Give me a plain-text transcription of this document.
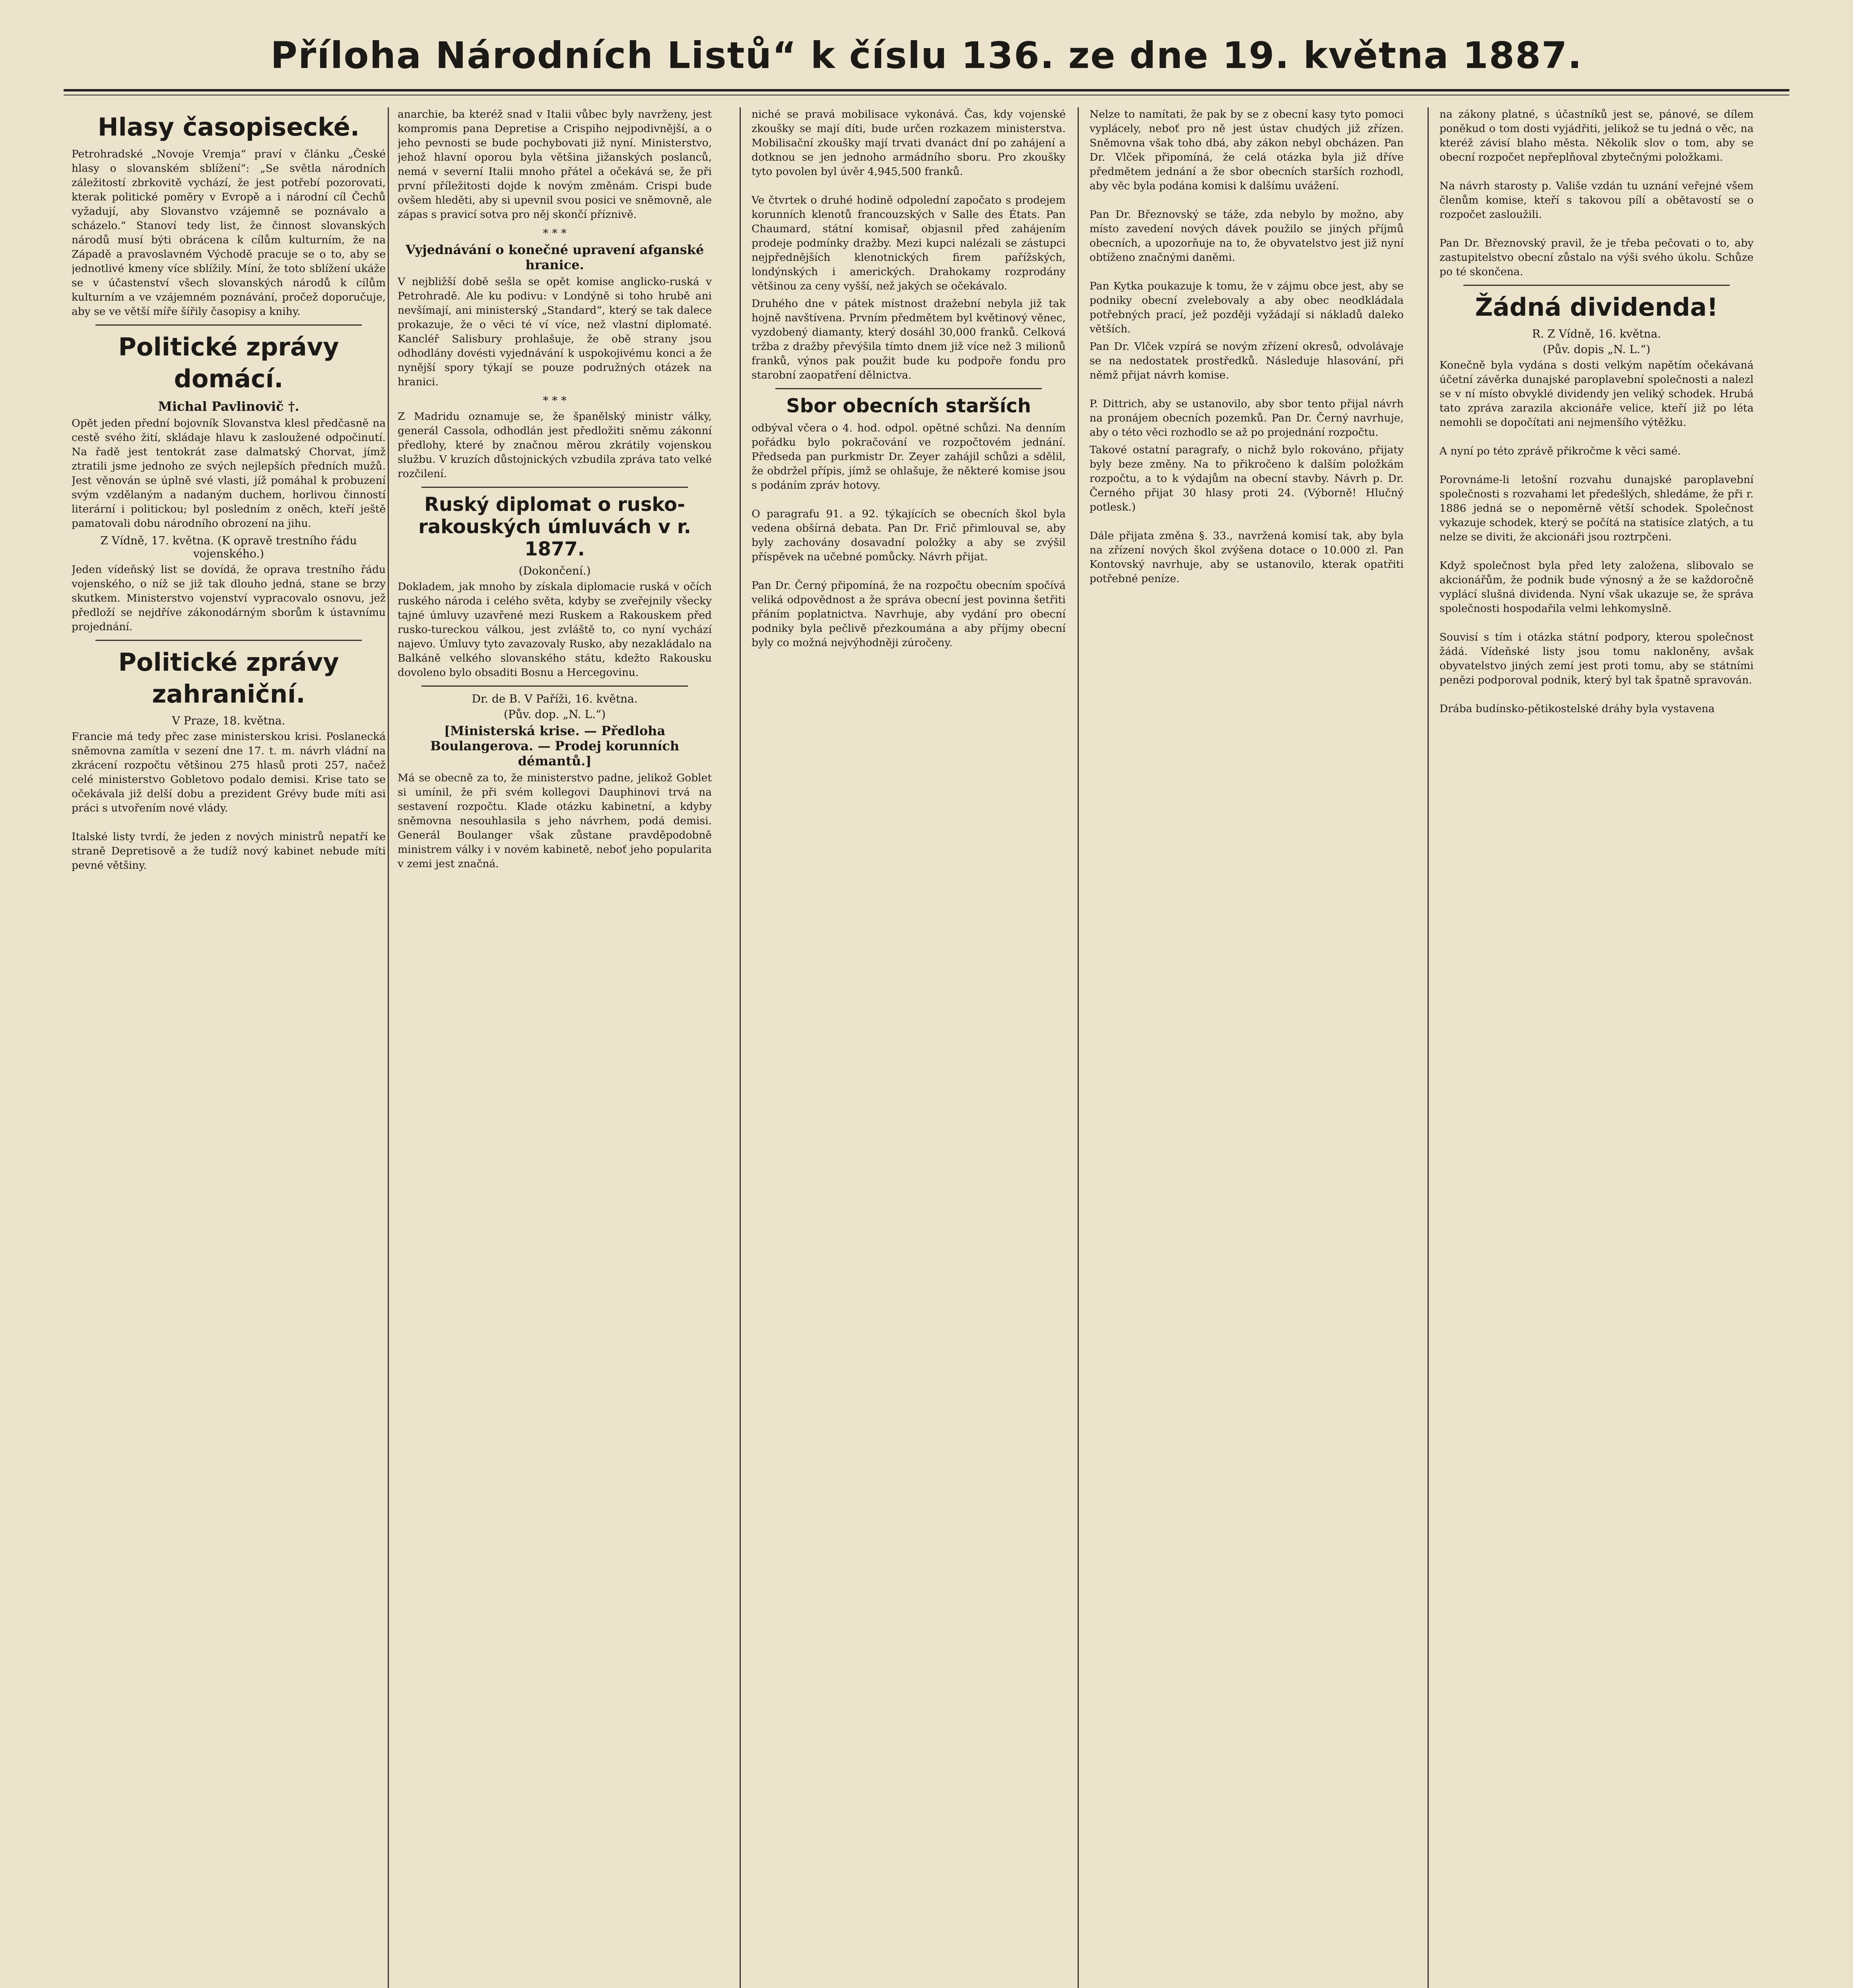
Příloha Národních Listů“ k číslu 136. ze dne 19. května 1887.
Hlasy časopisecké.
Petrohradské „Novoje Vremja“ praví v článku „České hlasy o slovanském sblížení“: „Se světla národních záležitostí zbrkovitě vychází, že jest potřebí pozorovati, kterak politické poměry v Evropě a i národní cíl Čechů vyžadují, aby Slovanstvo vzájemně se poznávalo a scházelo.“ Stanoví tedy list, že činnost slovanských národů musí býti obrácena k cílům kulturním, že na Západě a pravoslavném Východě pracuje se o to, aby se jednotlivé kmeny více sblížily. Míní, že toto sblížení ukáže se v účastenství všech slovanských národů k cílům kulturním a ve vzájemném poznávání, pročež doporučuje, aby se ve větší míře šířily časopisy a knihy.
Politické zprávy domácí.
Michal Pavlinovič †.
Opět jeden přední bojovník Slovanstva klesl předčasně na cestě svého žití, skládaje hlavu k zasloužené odpočinutí. Na řadě jest tentokrát zase dalmatský Chorvat, jímž ztratili jsme jednoho ze svých nejlepších předních mužů. Jest věnován se úplně své vlasti, jíž pomáhal k probuzení svým vzdělaným a nadaným duchem, horlivou činností literární i politickou; byl posledním z oněch, kteří ještě pamatovali dobu národního obrození na jihu.
Z Vídně, 17. května. (K opravě trestního řádu vojenského.)
Jeden vídeňský list se dovídá, že oprava trestního řádu vojenského, o níž se již tak dlouho jedná, stane se brzy skutkem. Ministerstvo vojenství vypracovalo osnovu, jež předloží se nejdříve zákonodárným sborům k ústavnímu projednání.
Politické zprávy zahraniční.
V Praze, 18. května.
Francie má tedy přec zase ministerskou krisi. Poslanecká sněmovna zamítla v sezení dne 17. t. m. návrh vládní na zkrácení rozpočtu většinou 275 hlasů proti 257, načež celé ministerstvo Gobletovo podalo demisi. Krise tato se očekávala již delší dobu a prezident Grévy bude míti asi práci s utvořením nové vlády.

Italské listy tvrdí, že jeden z nových ministrů nepatří ke straně Depretisově a že tudíž nový kabinet nebude míti pevné většiny.
anarchie, ba kteréž snad v Italii vůbec byly navrženy, jest kompromis pana Depretise a Crispiho nejpodivnější, a o jeho pevnosti se bude pochybovati již nyní. Ministerstvo, jehož hlavní oporou byla většina jižanských poslanců, nemá v severní Italii mnoho přátel a očekává se, že při první příležitosti dojde k novým změnám. Crispi bude ovšem hleděti, aby si upevnil svou posici ve sněmovně, ale zápas s pravicí sotva pro něj skončí příznivě.
* * *
Vyjednávání o konečné upravení afganské hranice.
V nejbližší době sešla se opět komise anglicko-ruská v Petrohradě. Ale ku podivu: v Londýně si toho hrubě ani nevšímají, ani ministerský „Standard“, který se tak dalece prokazuje, že o věci té ví více, než vlastní diplomaté. Kancléř Salisbury prohlašuje, že obě strany jsou odhodlány dovésti vyjednávání k uspokojivému konci a že nynější spory týkají se pouze podružných otázek na hranici.
* * *
Z Madridu oznamuje se, že španělský ministr války, generál Cassola, odhodlán jest předložiti sněmu zákonní předlohy, které by značnou měrou zkrátily vojenskou službu. V kruzích důstojnických vzbudila zpráva tato velké rozčilení.
Ruský diplomat o rusko-rakouských úmluvách v r. 1877.
(Dokončení.)
Dokladem, jak mnoho by získala diplomacie ruská v očích ruského národa i celého světa, kdyby se zveřejnily všecky tajné úmluvy uzavřené mezi Ruskem a Rakouskem před rusko-tureckou válkou, jest zvláště to, co nyní vychází najevo. Úmluvy tyto zavazovaly Rusko, aby nezakládalo na Balkáně velkého slovanského státu, kdežto Rakousku dovoleno bylo obsaditi Bosnu a Hercegovinu.
Dr. de B. V Paříži, 16. května.
(Pův. dop. „N. L.“)
[Ministerská krise. — Předloha Boulangerova. — Prodej korunních démantů.]
Má se obecně za to, že ministerstvo padne, jelikož Goblet si umínil, že při svém kollegovi Dauphinovi trvá na sestavení rozpočtu. Klade otázku kabinetní, a kdyby sněmovna nesouhlasila s jeho návrhem, podá demisi. Generál Boulanger však zůstane pravděpodobně ministrem války i v novém kabinetě, neboť jeho popularita v zemi jest značná.
niché se pravá mobilisace vykonává. Čas, kdy vojenské zkoušky se mají díti, bude určen rozkazem ministerstva. Mobilisační zkoušky mají trvati dvanáct dní po zahájení a dotknou se jen jednoho armádního sboru. Pro zkoušky tyto povolen byl úvěr 4,945,500 franků.

Ve čtvrtek o druhé hodině odpolední započato s prodejem korunních klenotů francouzských v Salle des États. Pan Chaumard, státní komisař, objasnil před zahájením prodeje podmínky dražby. Mezi kupci nalézali se zástupci nejpřednějších klenotnických firem pařížských, londýnských i amerických. Drahokamy rozprodány většinou za ceny vyšší, než jakých se očekávalo.
Druhého dne v pátek místnost dražební nebyla již tak hojně navštívena. Prvním předmětem byl květinový věnec, vyzdobený diamanty, který dosáhl 30,000 franků. Celková tržba z dražby převýšila tímto dnem již více než 3 milionů franků, výnos pak použit bude ku podpoře fondu pro starobní zaopatření dělnictva.
Sbor obecních starších
odbýval včera o 4. hod. odpol. opětné schůzi. Na denním pořádku bylo pokračování ve rozpočtovém jednání. Předseda pan purkmistr Dr. Zeyer zahájil schůzi a sdělil, že obdržel přípis, jímž se ohlašuje, že některé komise jsou s podáním zpráv hotovy.

O paragrafu 91. a 92. týkajících se obecních škol byla vedena obšírná debata. Pan Dr. Frič přimlouval se, aby byly zachovány dosavadní položky a aby se zvýšil příspěvek na učebné pomůcky. Návrh přijat.

Pan Dr. Černý připomíná, že na rozpočtu obecním spočívá veliká odpovědnost a že správa obecní jest povinna šetřiti přáním poplatnictva. Navrhuje, aby vydání pro obecní podniky byla pečlivě přezkoumána a aby příjmy obecní byly co možná nejvýhodněji zúročeny.
Nelze to namítati, že pak by se z obecní kasy tyto pomoci vyplácely, neboť pro ně jest ústav chudých již zřízen. Sněmovna však toho dbá, aby zákon nebyl obcházen. Pan Dr. Vlček připomíná, že celá otázka byla již dříve předmětem jednání a že sbor obecních starších rozhodl, aby věc byla podána komisi k dalšímu uvážení.

Pan Dr. Březnovský se táže, zda nebylo by možno, aby místo zavedení nových dávek použilo se jiných příjmů obecních, a upozorňuje na to, že obyvatelstvo jest již nyní obtíženo značnými daněmi.

Pan Kytka poukazuje k tomu, že v zájmu obce jest, aby se podniky obecní zvelebovaly a aby obec neodkládala potřebných prací, jež později vyžádají si nákladů daleko větších.
Pan Dr. Vlček vzpírá se novým zřízení okresů, odvolávaje se na nedostatek prostředků. Následuje hlasování, při němž přijat návrh komise.

P. Dittrich, aby se ustanovilo, aby sbor tento přijal návrh na pronájem obecních pozemků. Pan Dr. Černý navrhuje, aby o této věci rozhodlo se až po projednání rozpočtu.
Takové ostatní paragrafy, o nichž bylo rokováno, přijaty byly beze změny. Na to přikročeno k dalším položkám rozpočtu, a to k výdajům na obecní stavby. Návrh p. Dr. Černého přijat 30 hlasy proti 24. (Výborně! Hlučný potlesk.)

Dále přijata změna §. 33., navržená komisí tak, aby byla na zřízení nových škol zvýšena dotace o 10.000 zl. Pan Kontovský navrhuje, aby se ustanovilo, kterak opatřiti potřebné peníze.
na zákony platné, s účastníků jest se, pánové, se dílem poněkud o tom dosti vyjádřiti, jelikož se tu jedná o věc, na kteréž závisí blaho města. Několik slov o tom, aby se obecní rozpočet nepřeplňoval zbytečnými položkami.

Na návrh starosty p. Vališe vzdán tu uznání veřejné všem členům komise, kteří s takovou pílí a obětavostí se o rozpočet zasloužili.

Pan Dr. Březnovský pravil, že je třeba pečovati o to, aby zastupitelstvo obecní zůstalo na výši svého úkolu. Schůze po té skončena.
Žádná dividenda!
R. Z Vídně, 16. května.
(Pův. dopis „N. L.“)
Konečně byla vydána s dosti velkým napětím očekávaná účetní závěrka dunajské paroplavební společnosti a nalezl se v ní místo obvyklé dividendy jen veliký schodek. Hrubá tato zpráva zarazila akcionáře velice, kteří již po léta nemohli se dopočítati ani nejmenšího výtěžku.

A nyní po této zprávě přikročme k věci samé.

Porovnáme-li letošní rozvahu dunajské paroplavební společnosti s rozvahami let předešlých, shledáme, že při r. 1886 jedná se o nepoměrně větší schodek. Společnost vykazuje schodek, který se počítá na statisíce zlatých, a tu nelze se diviti, že akcionáři jsou roztrpčeni.

Když společnost byla před lety založena, slibovalo se akcionářům, že podnik bude výnosný a že se každoročně vyplácí slušná dividenda. Nyní však ukazuje se, že správa společnosti hospodařila velmi lehkomyslně.

Souvisí s tím i otázka státní podpory, kterou společnost žádá. Vídeňské listy jsou tomu nakloněny, avšak obyvatelstvo jiných zemí jest proti tomu, aby se státními penězi podporoval podnik, který byl tak špatně spravován.

Drába budínsko-pětikostelské dráhy byla vystavena
